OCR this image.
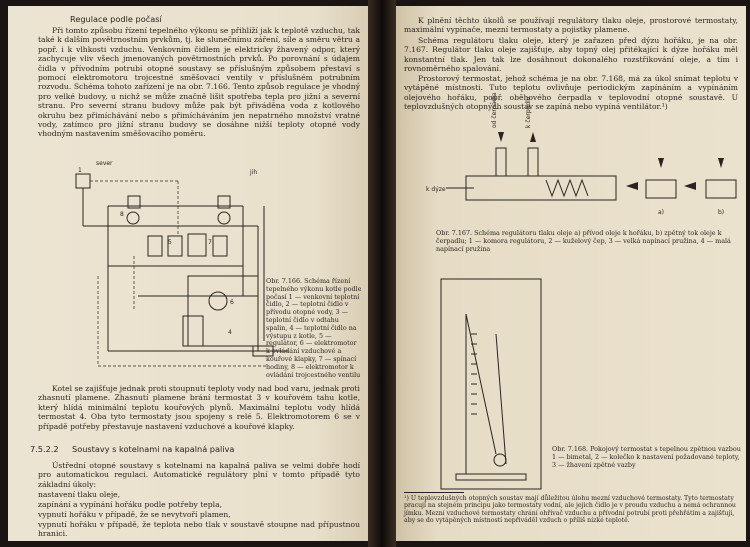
Regulace podle počasí
Při tomto způsobu řízení tepelného výkonu se přihlíží jak k teplotě vzduchu, tak také k dalším povětrnostním prvkům, tj. ke slunečnímu záření, síle a směru větru a popř. i k vlhkosti vzduchu. Venkovním čidlem je elektricky žhavený odpor, který zachycuje vliv všech jmenovaných povětrnostních prvků. Po porovnání s údajem čidla v přívodním potrubí otopné soustavy se příslušným způsobem přestaví s pomocí elektromotoru trojcestné směšovací ventily v příslušném potrubním rozvodu. Schéma tohoto zařízení je na obr. 7.166. Tento způsob regulace je vhodný pro velké budovy, u nichž se může značně lišit spotřeba tepla pro jižní a severní stranu. Pro severní stranu budovy může pak být přiváděna voda z kotlového okruhu bez přimíchávání nebo s přimícháváním jen nepatrného množství vratné vody, zatímco pro jižní stranu budovy se dosáhne nižší teploty otopné vody vhodným nastavením směšovacího poměru.
sever
jih
1
8
5	7
6
4
Obr. 7.166. Schéma řízení tepelného výkonu kotle podle počasí 1 — venkovní teplotní čidlo, 2 — teplotní čidlo v přívodu otopné vody, 3 — teplotní čidlo v odtahu spalin, 4 — teplotní čidlo na výstupu z kotle, 5 — regulátor, 6 — elektromotor k ovládání vzduchové a kouřové klapky, 7 — spínací hodiny, 8 — elektromotor k ovládání trojcestného ventilu
Kotel se zajišťuje jednak proti stoupnutí teploty vody nad bod varu, jednak proti zhasnutí plamene. Zhasnutí plamene brání termostat 3 v kouřovém tahu kotle, který hlídá minimální teplotu kouřových plynů. Maximální teplotu vody hlídá termostat 4. Oba tyto termostaty jsou spojeny s relé 5. Elektromotorem 6 se v případě potřeby přestavuje nastavení vzduchové a kouřové klapky.
7.5.2.2 Soustavy s kotelnami na kapalná paliva
Ústřední otopné soustavy s kotelnami na kapalná paliva se velmi dobře hodí pro automatickou regulaci. Automatické regulátory plní v tomto případě tyto základní úkoly:
nastavení tlaku oleje,
zapínání a vypínání hořáku podle potřeby tepla,
vypnutí hořáku v případě, že se nevytvoří plamen,
vypnutí hořáku v případě, že teplota nebo tlak v soustavě stoupne nad přípustnou hranici.
K plnění těchto úkolů se používají regulátory tlaku oleje, prostorové termostaty, maximální vypínače, mezní termostaty a pojistky plamene.
Schéma regulátoru tlaku oleje, který je zařazen před dýzu hořáku, je na obr. 7.167. Regulátor tlaku oleje zajišťuje, aby topný olej přitékající k dýze hořáku měl konstantní tlak. Jen tak lze dosáhnout dokonalého rozstřikování oleje, a tím i rovnoměrného spalování.
Prostorový termostat, jehož schéma je na obr. 7.168, má za úkol snímat teplotu v vytápěné místnosti. Tuto teplotu ovlivňuje periodickým zapínáním a vypínáním olejového hořáku, popř. oběhového čerpadla v teplovodní otopné soustavě. U teplovzdušných otopných soustav se zapíná nebo vypíná ventilátor.¹)
od čerpadla	k čerpadlu
k dýze
a)	b)
Obr. 7.167. Schéma regulátoru tlaku oleje a) přívod oleje k hořáku, b) zpětný tok oleje k čerpadlu; 1 — komora regulátoru, 2 — kuželový čep, 3 — velká napínací pružina, 4 — malá napínací pružina
Obr. 7.168. Pokojový termostat s tepelnou zpětnou vazbou 1 — bimetal, 2 — kolečko k nastavení požadované teploty, 3 — žhavení zpětné vazby
¹) U teplovzdušných otopných soustav mají důležitou úlohu mezní vzduchové termostaty. Tyto termostaty pracují na stejném principu jako termostaty vodní, ale jejich čidlo je v proudu vzduchu a nemá ochrannou jímku. Mezní vzduchové termostaty chrání ohřívač vzduchu a přívodní potrubí proti přehřátím a zajišťují, aby se do vytápěných místností nepřiváděl vzduch o příliš nízké teplotě.
